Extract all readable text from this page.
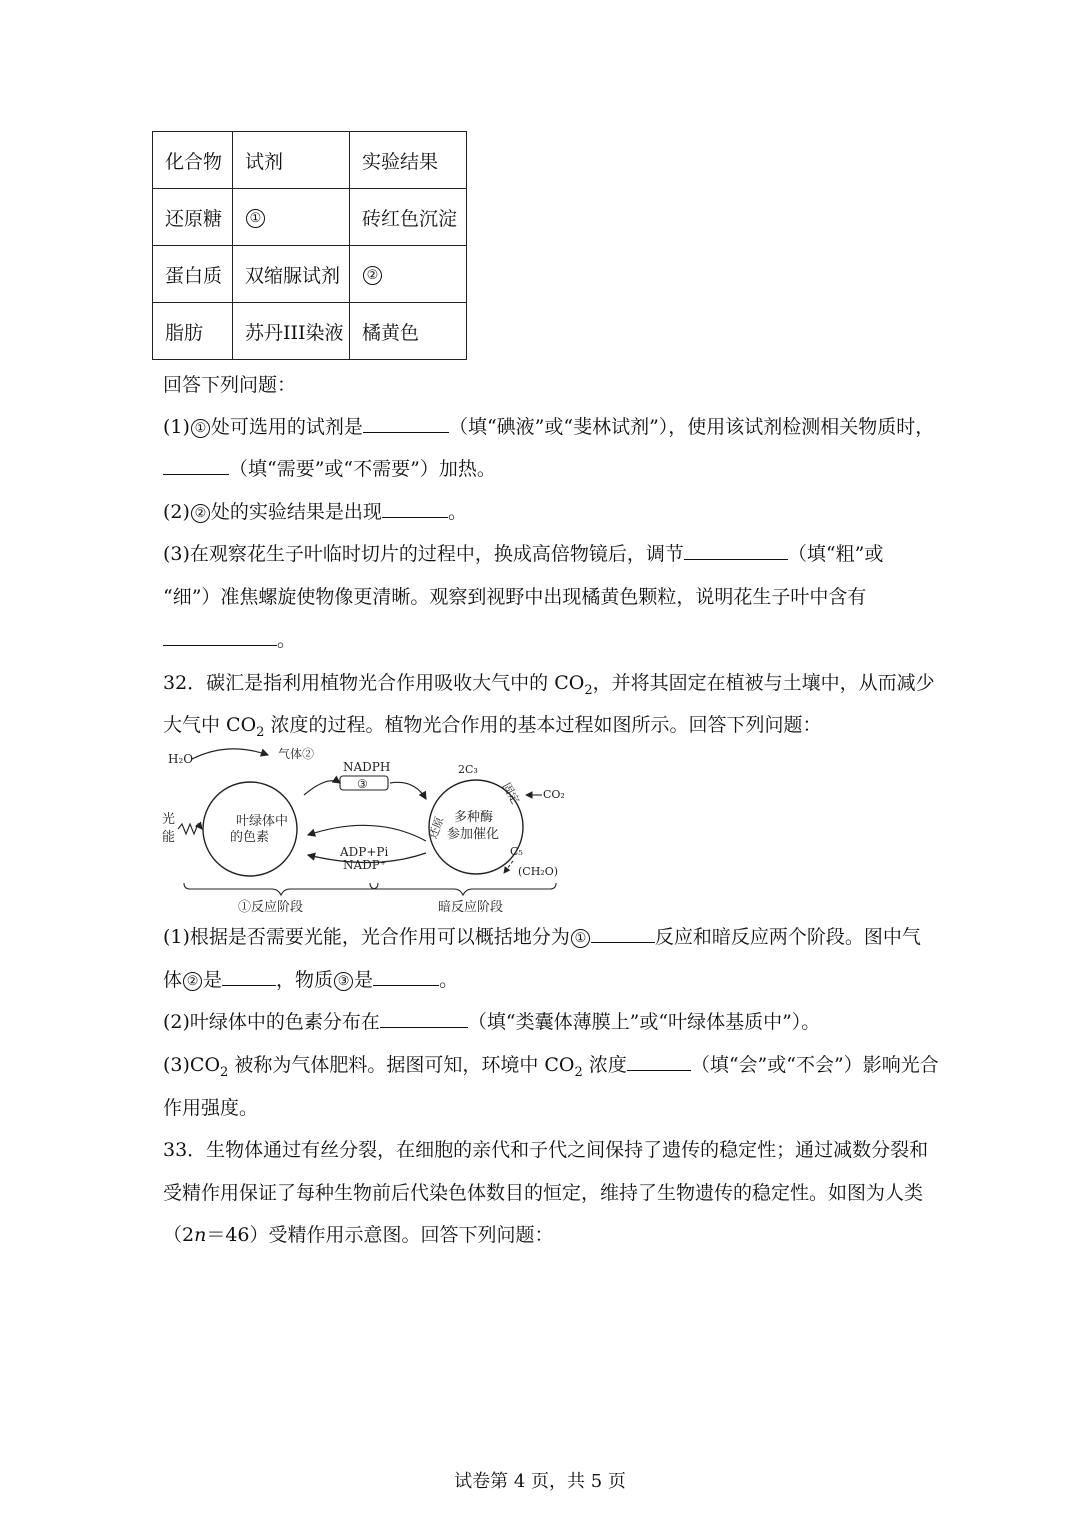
化合物	试剂	实验结果
还原糖	①	砖红色沉淀
蛋白质	双缩脲试剂	②
脂肪	苏丹III染液	橘黄色
回答下列问题：
(1) ① 处可选用的试剂是	（填“碘液”或“斐林试剂”），使用该试剂检测相关物质时，
（填“需要”或“不需要”）加热。
(2) ② 处的实验结果是出现	。
(3)在观察花生子叶临时切片的过程中，换成高倍物镜后，调节	（填“粗”或
“细”）准焦螺旋使物像更清晰。观察到视野中出现橘黄色颗粒，说明花生子叶中含有
。
32．碳汇是指利用植物光合作用吸收大气中的 $CO_2$，并将其固定在植被与土壤中，从而减少
大气中 $CO_2$ 浓度的过程。植物光合作用的基本过程如图所示。回答下列问题：
叶绿体中
的色素
H₂O	气体②
光
能
NADPH
③
ADP+Pi
NADP⁺
2C₃
CO₂
多种酶
参加催化
固定
还原
C₅
(CH₂O)
①反应阶段	暗反应阶段
(1)根据是否需要光能，光合作用可以概括地分为 ①	反应和暗反应两个阶段。图中气
体 ② 是	，物质 ③ 是	。
(2)叶绿体中的色素分布在	（填“类囊体薄膜上”或“叶绿体基质中”）。
$(3)CO_2$ 被称为气体肥料。据图可知，环境中 $CO_2$ 浓度	（填“会”或“不会”）影响光合
作用强度。
33．生物体通过有丝分裂，在细胞的亲代和子代之间保持了遗传的稳定性；通过减数分裂和
受精作用保证了每种生物前后代染色体数目的恒定，维持了生物遗传的稳定性。如图为人类
（2n＝46）受精作用示意图。回答下列问题：
试卷第 4 页，共 5 页
